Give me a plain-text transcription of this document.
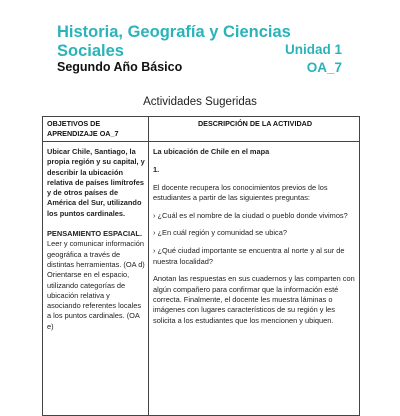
Historia, Geografía y Ciencias Sociales	Unidad 1
Segundo Año Básico	OA_7
Actividades Sugeridas
OBJETIVOS DE APRENDIZAJE OA_7
DESCRIPCIÓN DE LA ACTIVIDAD

Ubicar Chile, Santiago, la propia región y su capital, y describir la ubicación relativa de países limítrofes y de otros países de América del Sur, utilizando los puntos cardinales.

PENSAMIENTO ESPACIAL. Leer y comunicar información geográfica a través de distintas herramientas. (OA d) Orientarse en el espacio, utilizando categorías de ubicación relativa y asociando referentes locales a los puntos cardinales. (OA e)

La ubicación de Chile en el mapa

1.

El docente recupera los conocimientos previos de los estudiantes a partir de las siguientes preguntas:

› ¿Cuál es el nombre de la ciudad o pueblo donde vivimos?

› ¿En cuál región y comunidad se ubica?

› ¿Qué ciudad importante se encuentra al norte y al sur de nuestra localidad?

Anotan las respuestas en sus cuadernos y las comparten con algún compañero para confirmar que la información esté correcta. Finalmente, el docente les muestra láminas o imágenes con lugares característicos de su región y les solicita a los estudiantes que los mencionen y ubiquen.
